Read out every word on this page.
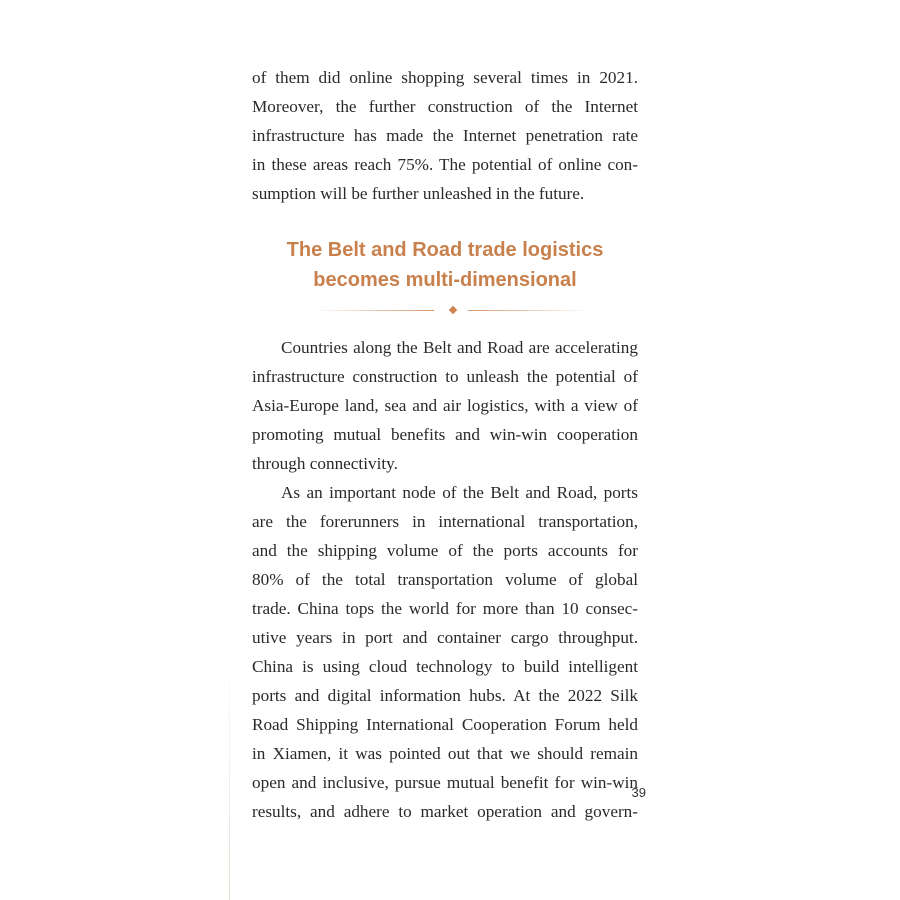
of them did online shopping several times in 2021.
Moreover, the further construction of the Internet
infrastructure has made the Internet penetration rate
in these areas reach 75%. The potential of online con-
sumption will be further unleashed in the future.
The Belt and Road trade logistics
becomes multi-dimensional
Countries along the Belt and Road are accelerating
infrastructure construction to unleash the potential of
Asia-Europe land, sea and air logistics, with a view of
promoting mutual benefits and win-win cooperation
through connectivity.
As an important node of the Belt and Road, ports
are the forerunners in international transportation,
and the shipping volume of the ports accounts for
80% of the total transportation volume of global
trade. China tops the world for more than 10 consec-
utive years in port and container cargo throughput.
China is using cloud technology to build intelligent
ports and digital information hubs. At the 2022 Silk
Road Shipping International Cooperation Forum held
in Xiamen, it was pointed out that we should remain
open and inclusive, pursue mutual benefit for win-win
results, and adhere to market operation and govern-
39
